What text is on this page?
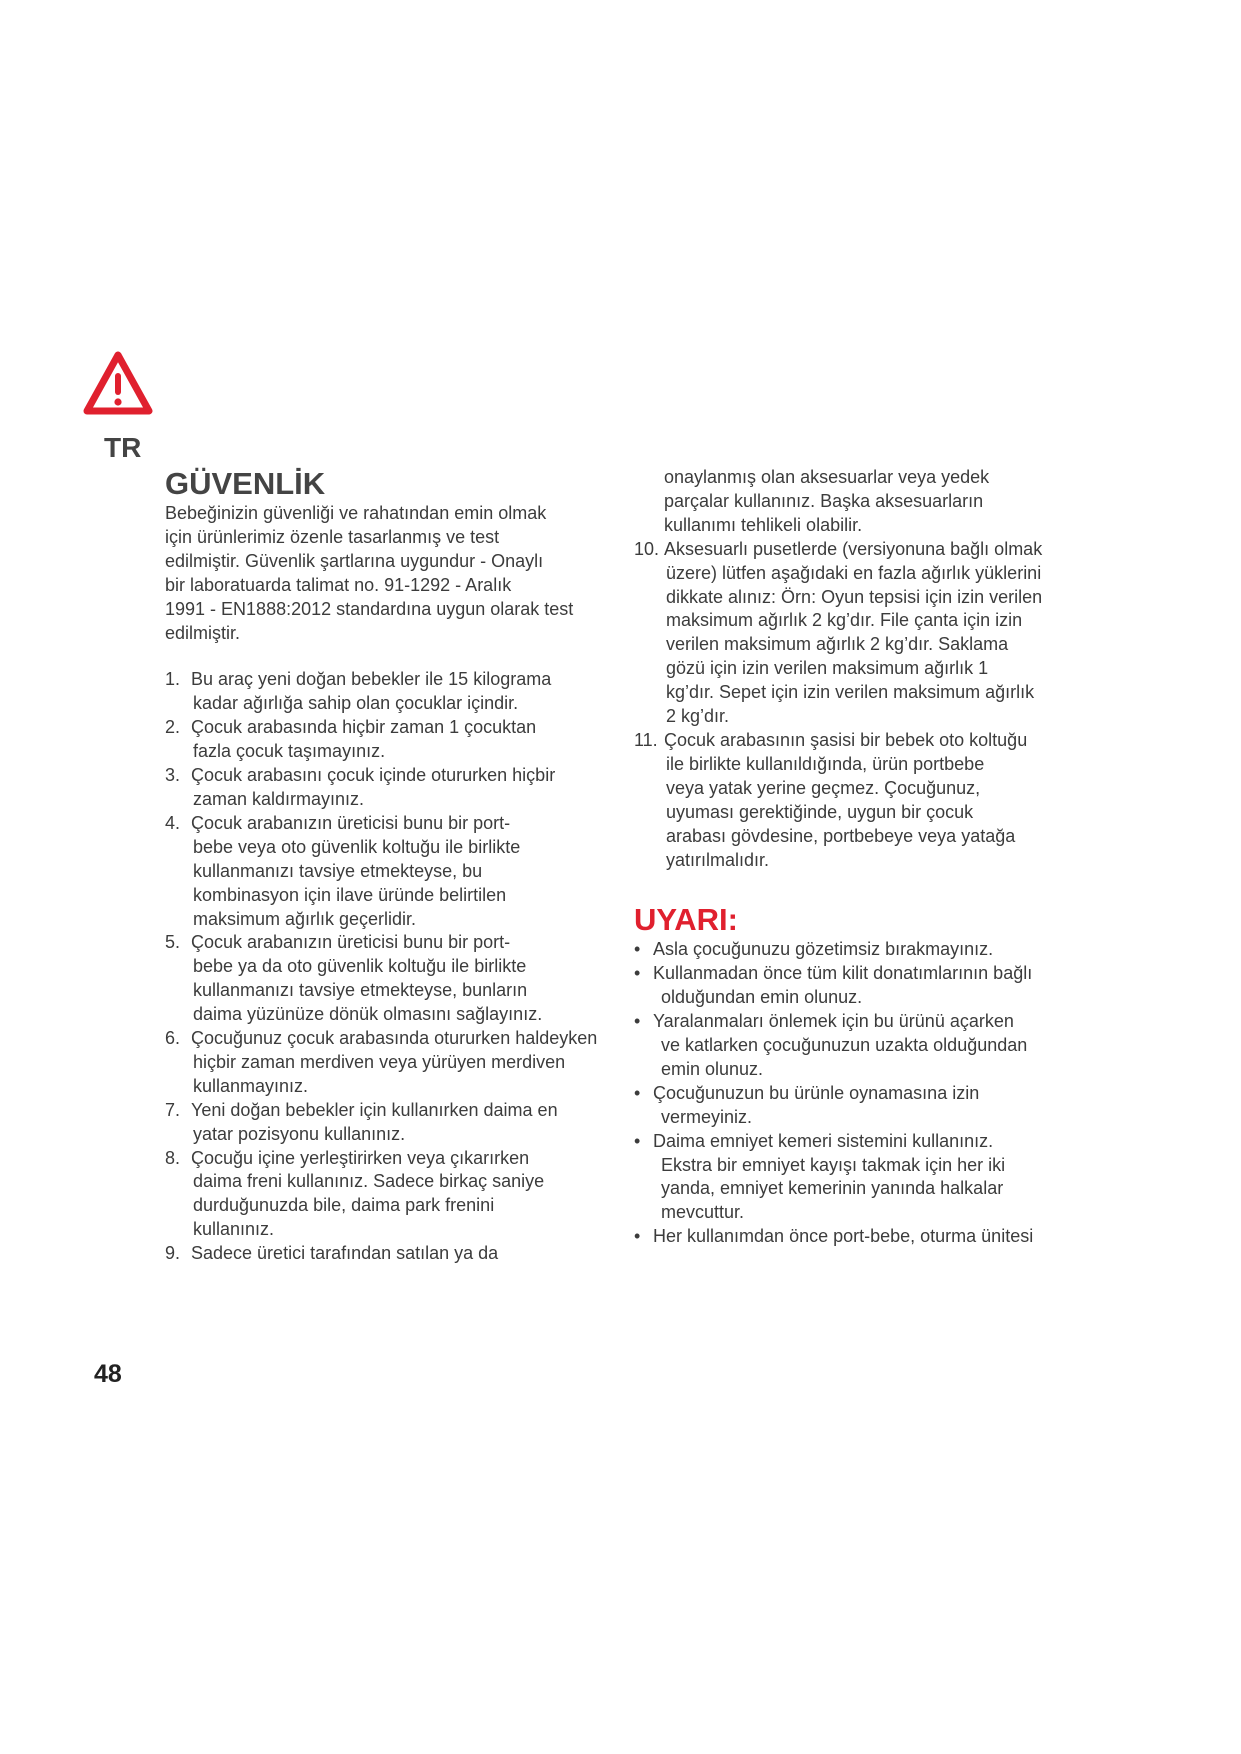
TR
GÜVENLİK
Bebeğinizin güvenliği ve rahatından emin olmak
için ürünlerimiz özenle tasarlanmış ve test
edilmiştir. Güvenlik şartlarına uygundur - Onaylı
bir laboratuarda talimat no. 91-1292 - Aralık
1991 - EN1888:2012 standardına uygun olarak test
edilmiştir.
1. Bu araç yeni doğan bebekler ile 15 kilograma
kadar ağırlığa sahip olan çocuklar içindir.
2. Çocuk arabasında hiçbir zaman 1 çocuktan
fazla çocuk taşımayınız.
3. Çocuk arabasını çocuk içinde otururken hiçbir
zaman kaldırmayınız.
4. Çocuk arabanızın üreticisi bunu bir port-
bebe veya oto güvenlik koltuğu ile birlikte
kullanmanızı tavsiye etmekteyse, bu
kombinasyon için ilave üründe belirtilen
maksimum ağırlık geçerlidir.
5. Çocuk arabanızın üreticisi bunu bir port-
bebe ya da oto güvenlik koltuğu ile birlikte
kullanmanızı tavsiye etmekteyse, bunların
daima yüzünüze dönük olmasını sağlayınız.
6. Çocuğunuz çocuk arabasında otururken haldeyken
hiçbir zaman merdiven veya yürüyen merdiven
kullanmayınız.
7. Yeni doğan bebekler için kullanırken daima en
yatar pozisyonu kullanınız.
8. Çocuğu içine yerleştirirken veya çıkarırken
daima freni kullanınız. Sadece birkaç saniye
durduğunuzda bile, daima park frenini
kullanınız.
9. Sadece üretici tarafından satılan ya da
onaylanmış olan aksesuarlar veya yedek
parçalar kullanınız. Başka aksesuarların
kullanımı tehlikeli olabilir.
10. Aksesuarlı pusetlerde (versiyonuna bağlı olmak
üzere) lütfen aşağıdaki en fazla ağırlık yüklerini
dikkate alınız: Örn: Oyun tepsisi için izin verilen
maksimum ağırlık 2 kg’dır. File çanta için izin
verilen maksimum ağırlık 2 kg’dır. Saklama
gözü için izin verilen maksimum ağırlık 1
kg’dır. Sepet için izin verilen maksimum ağırlık
2 kg’dır.
11. Çocuk arabasının şasisi bir bebek oto koltuğu
ile birlikte kullanıldığında, ürün portbebe
veya yatak yerine geçmez. Çocuğunuz,
uyuması gerektiğinde, uygun bir çocuk
arabası gövdesine, portbebeye veya yatağa
yatırılmalıdır.
UYARI:
• Asla çocuğunuzu gözetimsiz bırakmayınız.
• Kullanmadan önce tüm kilit donatımlarının bağlı
olduğundan emin olunuz.
• Yaralanmaları önlemek için bu ürünü açarken
ve katlarken çocuğunuzun uzakta olduğundan
emin olunuz.
• Çocuğunuzun bu ürünle oynamasına izin
vermeyiniz.
• Daima emniyet kemeri sistemini kullanınız.
Ekstra bir emniyet kayışı takmak için her iki
yanda, emniyet kemerinin yanında halkalar
mevcuttur.
• Her kullanımdan önce port-bebe, oturma ünitesi
48
